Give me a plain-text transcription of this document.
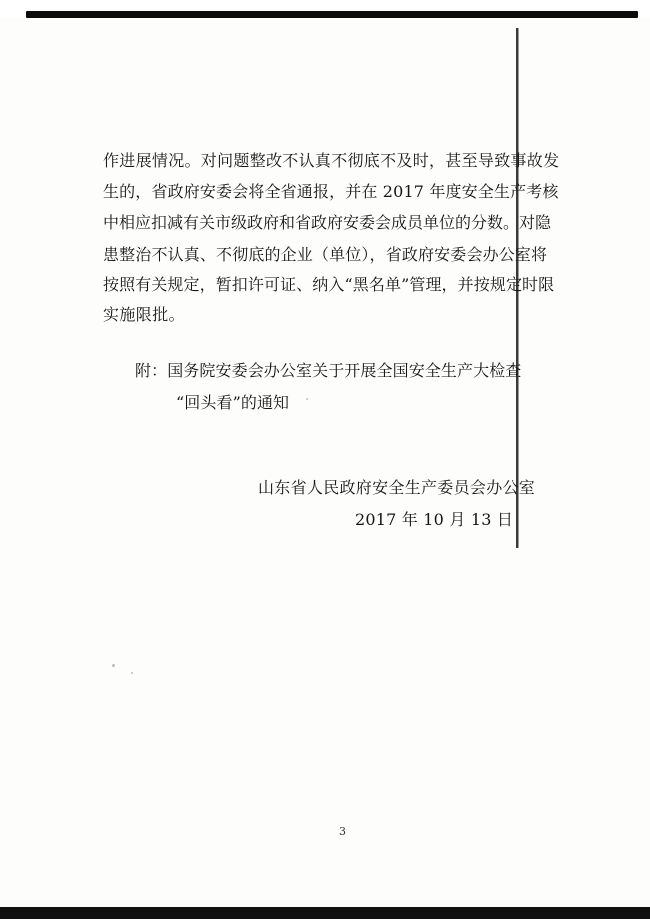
作进展情况。对问题整改不认真不彻底不及时，甚至导致事故发
生的，省政府安委会将全省通报，并在 2017 年度安全生产考核
中相应扣减有关市级政府和省政府安委会成员单位的分数。对隐
患整治不认真、不彻底的企业（单位），省政府安委会办公室将
按照有关规定，暂扣许可证、纳入“黑名单”管理，并按规定时限
实施限批。
附：国务院安委会办公室关于开展全国安全生产大检查
“回头看”的通知
山东省人民政府安全生产委员会办公室
2017 年 10 月 13 日
3
